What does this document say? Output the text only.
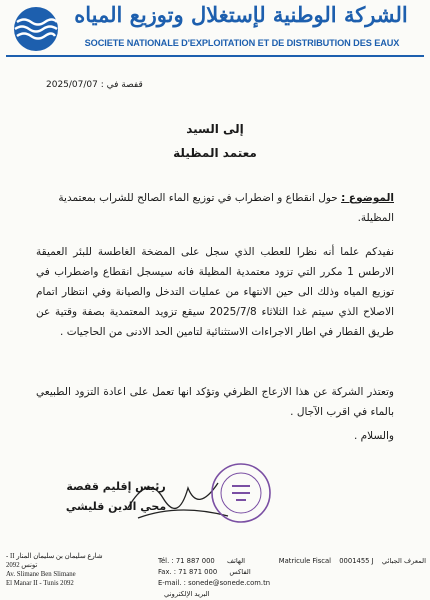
الشركة الوطنية لإستغلال وتوزيع المياه
SOCIETE NATIONALE D'EXPLOITATION ET DE DISTRIBUTION DES EAUX
قفصة في : 2025/07/07
إلى السيد
معتمد المظيلة
الموضوع : حول انقطاع و اضطراب في توزيع الماء الصالح للشراب بمعتمدية المظيلة.
نفيدكم علما أنه نظرا للعطب الذي سجل على المضخة الغاطسة للبئر العميقة الارطس 1 مكرر التي تزود معتمدية المظيلة فانه سيسجل انقطاع واضطراب في توزيع المياه وذلك الى حين الانتهاء من عمليات التدخل والصيانة وفي انتظار اتمام الاصلاح الذي سيتم غدا الثلاثاء 2025/7/8 سيقع تزويد المعتمدية بصفة وقتية عن طريق القطار في اطار الاجراءات الاستثنائية لتامين الحد الادنى من الحاجيات .
وتعتذر الشركة عن هذا الازعاج الظرفي وتؤكد انها تعمل على اعادة التزود الطبيعي بالماء في اقرب الآجال .
والسلام .
رئيس إقليم قفصة
محي الدين قليشي
شارع سليمان بن سليمان المنار II - تونس 2092
Av. Slimane Ben Slimane
El Manar II - Tunis 2092
Tél. : 71 887 000 الهاتف
Fax. : 71 871 000 الفاكس
E-mail. : sonede@sonede.com.tn البريد الإلكتروني
Matricule Fiscal 0001455 J المعرف الجبائي
